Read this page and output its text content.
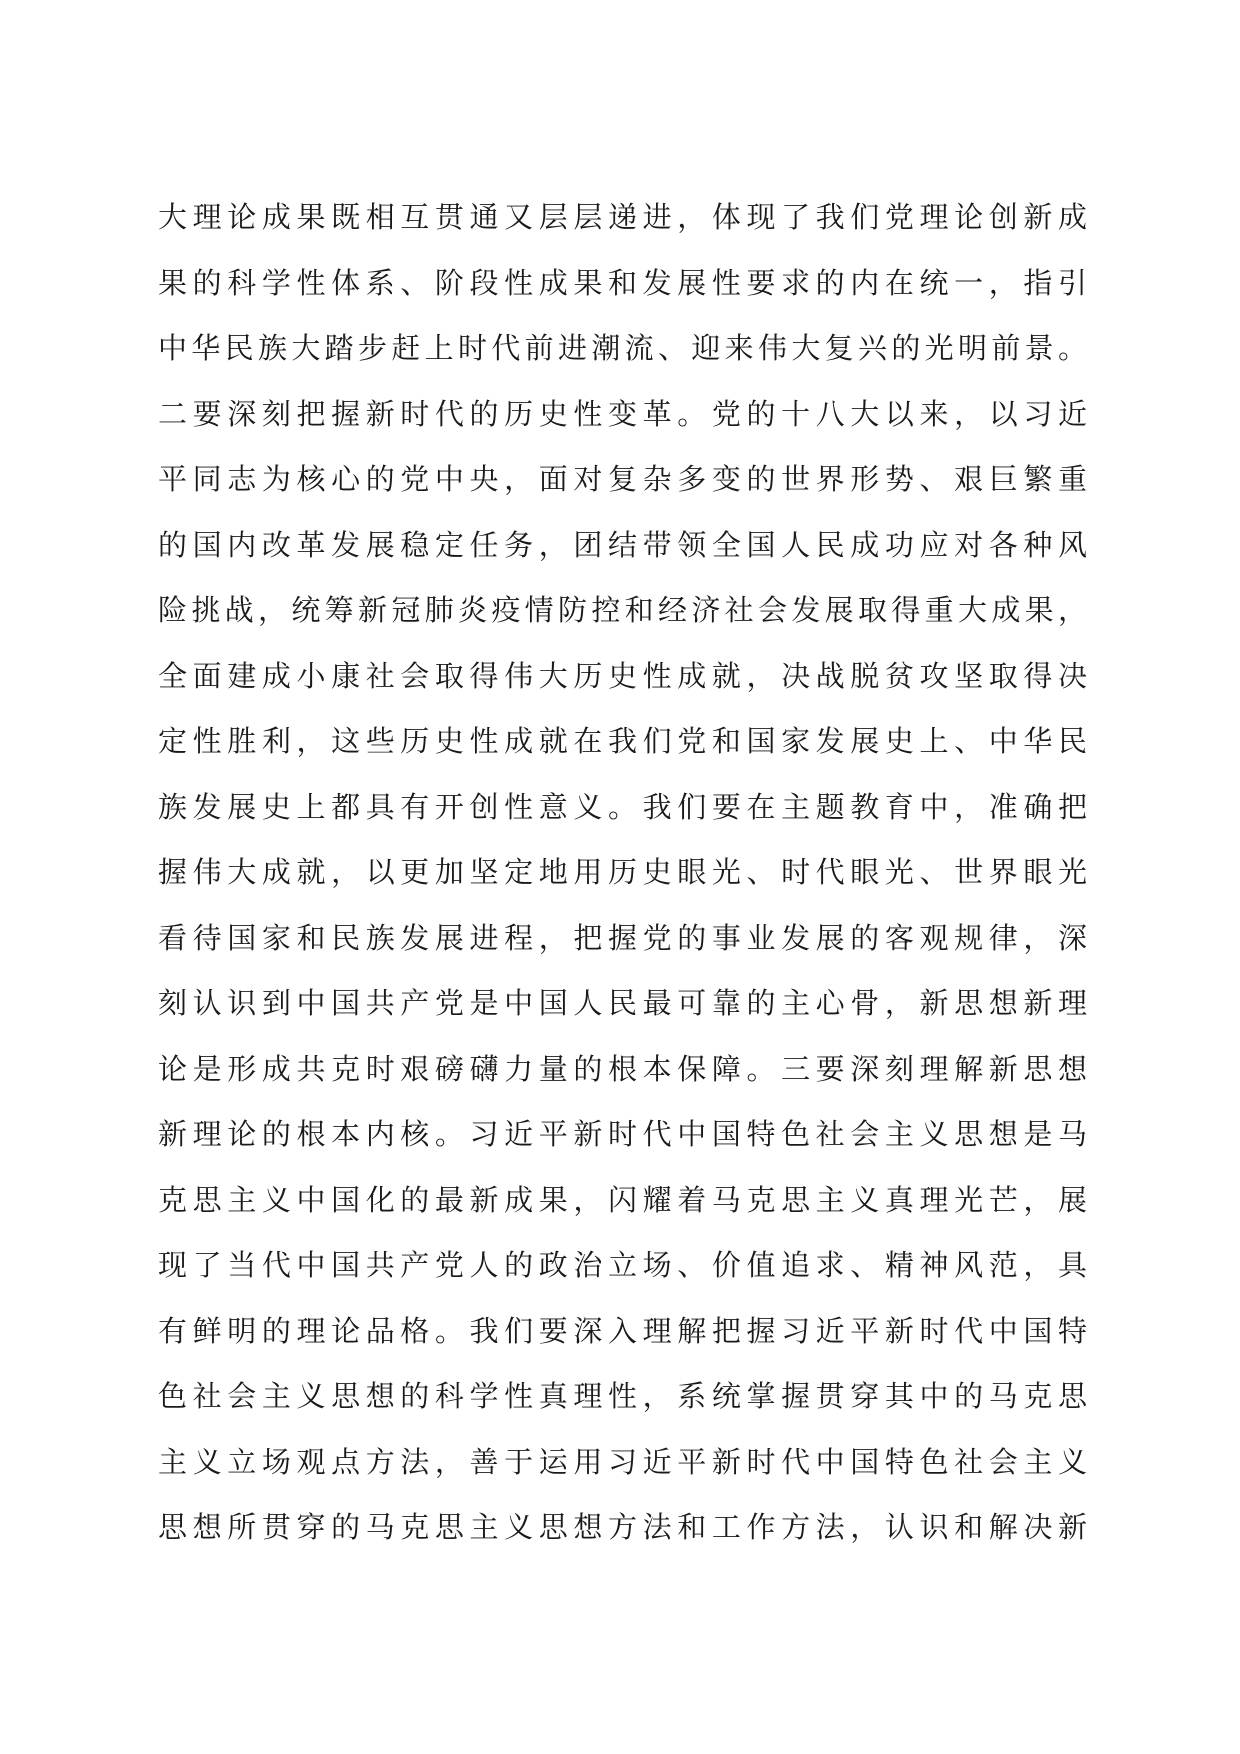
大理论成果既相互贯通又层层递进，体现了我们党理论创新成
果的科学性体系、阶段性成果和发展性要求的内在统一，指引
中华民族大踏步赶上时代前进潮流、迎来伟大复兴的光明前景。
二要深刻把握新时代的历史性变革。党的十八大以来，以习近
平同志为核心的党中央，面对复杂多变的世界形势、艰巨繁重
的国内改革发展稳定任务，团结带领全国人民成功应对各种风
险挑战，统筹新冠肺炎疫情防控和经济社会发展取得重大成果，
全面建成小康社会取得伟大历史性成就，决战脱贫攻坚取得决
定性胜利，这些历史性成就在我们党和国家发展史上、中华民
族发展史上都具有开创性意义。我们要在主题教育中，准确把
握伟大成就，以更加坚定地用历史眼光、时代眼光、世界眼光
看待国家和民族发展进程，把握党的事业发展的客观规律，深
刻认识到中国共产党是中国人民最可靠的主心骨，新思想新理
论是形成共克时艰磅礴力量的根本保障。三要深刻理解新思想
新理论的根本内核。习近平新时代中国特色社会主义思想是马
克思主义中国化的最新成果，闪耀着马克思主义真理光芒，展
现了当代中国共产党人的政治立场、价值追求、精神风范，具
有鲜明的理论品格。我们要深入理解把握习近平新时代中国特
色社会主义思想的科学性真理性，系统掌握贯穿其中的马克思
主义立场观点方法，善于运用习近平新时代中国特色社会主义
思想所贯穿的马克思主义思想方法和工作方法，认识和解决新
